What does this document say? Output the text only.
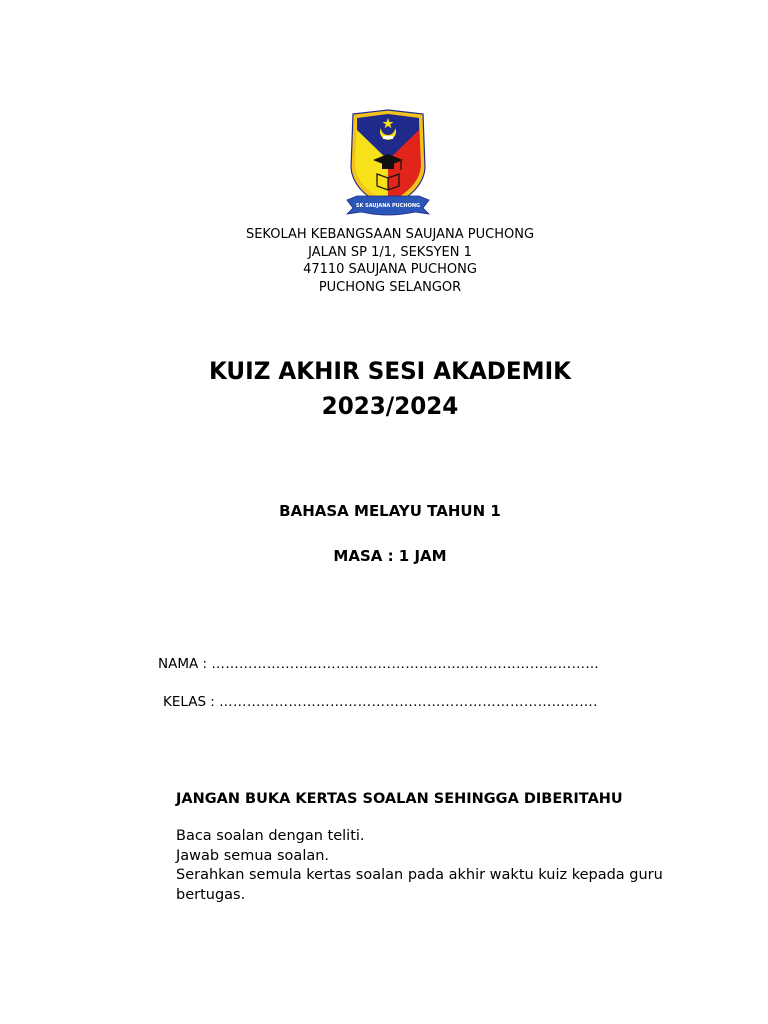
SK SAUJANA PUCHONG
SEKOLAH KEBANGSAAN SAUJANA PUCHONG
JALAN SP 1/1, SEKSYEN 1
47110 SAUJANA PUCHONG
PUCHONG SELANGOR
KUIZ AKHIR SESI AKADEMIK
2023/2024
BAHASA MELAYU TAHUN 1
MASA : 1 JAM
NAMA : …………………………………………………………………………
KELAS : ……………………………………………………………………….
JANGAN BUKA KERTAS SOALAN SEHINGGA DIBERITAHU
Baca soalan dengan teliti.
Jawab semua soalan.
Serahkan semula kertas soalan pada akhir waktu kuiz kepada guru
bertugas.
